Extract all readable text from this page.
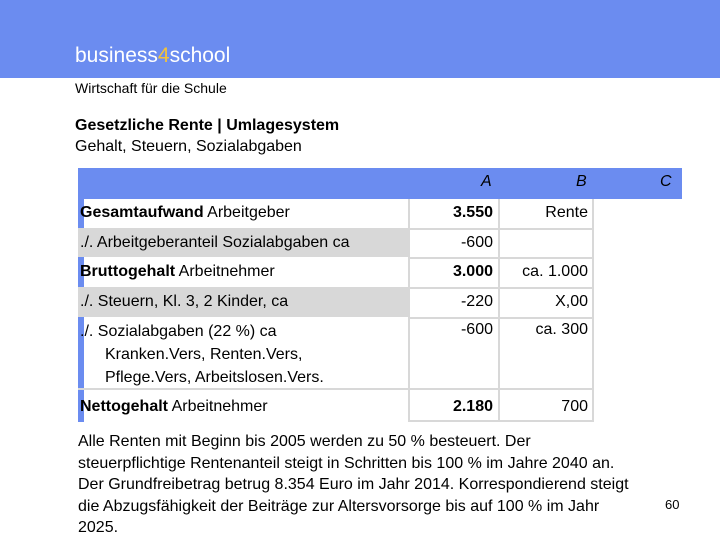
business4school
Wirtschaft für die Schule
Gesetzliche Rente | Umlagesystem
Gehalt, Steuern, Sozialabgaben
A	B	C
Gesamtaufwand Arbeitgeber
./. Arbeitgeberanteil Sozialabgaben ca
Bruttogehalt Arbeitnehmer
./. Steuern, Kl. 3, 2 Kinder, ca
./. Sozialabgaben (22 %) ca
Kranken.Vers, Renten.Vers,
Pflege.Vers, Arbeitslosen.Vers.
Nettogehalt Arbeitnehmer
3.550
-600
3.000
-220
-600
2.180
Rente
ca. 1.000
X,00
ca. 300
700
Alle Renten mit Beginn bis 2005 werden zu 50 % besteuert. Der steuerpflichtige Rentenanteil steigt in Schritten bis 100 % im Jahre 2040 an. Der Grundfreibetrag betrug 8.354 Euro im Jahr 2014. Korrespondierend steigt die Abzugsfähigkeit der Beiträge zur Altersvorsorge bis auf 100 % im Jahr 2025.
60
